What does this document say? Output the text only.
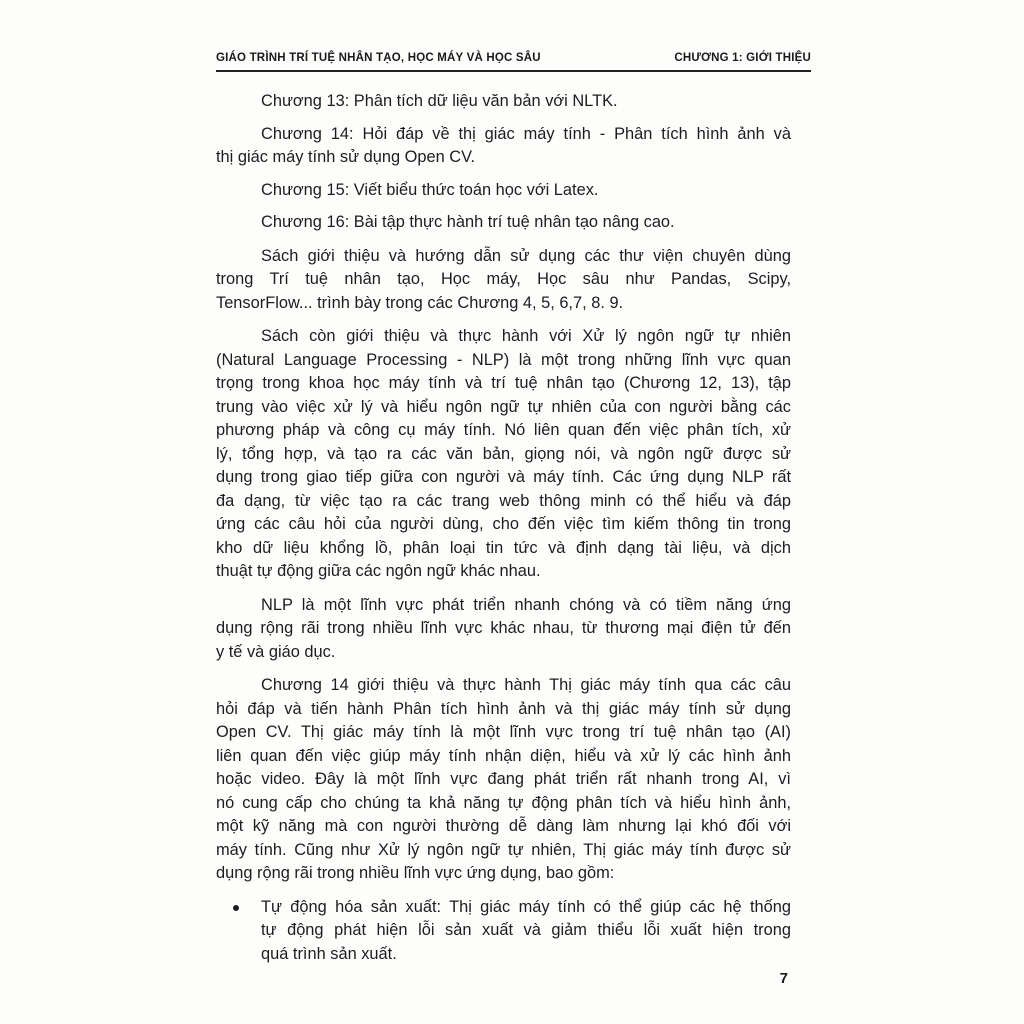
GIÁO TRÌNH TRÍ TUỆ NHÂN TẠO, HỌC MÁY VÀ HỌC SÂU	CHƯƠNG 1: GIỚI THIỆU
Chương 13: Phân tích dữ liệu văn bản với NLTK.
Chương 14: Hỏi đáp về thị giác máy tính - Phân tích hình ảnh và
thị giác máy tính sử dụng Open CV.
Chương 15: Viết biểu thức toán học với Latex.
Chương 16: Bài tập thực hành trí tuệ nhân tạo nâng cao.
Sách giới thiệu và hướng dẫn sử dụng các thư viện chuyên dùng
trong Trí tuệ nhân tạo, Học máy, Học sâu như Pandas, Scipy,
TensorFlow... trình bày trong các Chương 4, 5, 6,7, 8. 9.
Sách còn giới thiệu và thực hành với Xử lý ngôn ngữ tự nhiên
(Natural Language Processing - NLP) là một trong những lĩnh vực quan
trọng trong khoa học máy tính và trí tuệ nhân tạo (Chương 12, 13), tập
trung vào việc xử lý và hiểu ngôn ngữ tự nhiên của con người bằng các
phương pháp và công cụ máy tính. Nó liên quan đến việc phân tích, xử
lý, tổng hợp, và tạo ra các văn bản, giọng nói, và ngôn ngữ được sử
dụng trong giao tiếp giữa con người và máy tính. Các ứng dụng NLP rất
đa dạng, từ việc tạo ra các trang web thông minh có thể hiểu và đáp
ứng các câu hỏi của người dùng, cho đến việc tìm kiếm thông tin trong
kho dữ liệu khổng lồ, phân loại tin tức và định dạng tài liệu, và dịch
thuật tự động giữa các ngôn ngữ khác nhau.
NLP là một lĩnh vực phát triển nhanh chóng và có tiềm năng ứng
dụng rộng rãi trong nhiều lĩnh vực khác nhau, từ thương mại điện tử đến
y tế và giáo dục.
Chương 14 giới thiệu và thực hành Thị giác máy tính qua các câu
hỏi đáp và tiến hành Phân tích hình ảnh và thị giác máy tính sử dụng
Open CV. Thị giác máy tính là một lĩnh vực trong trí tuệ nhân tạo (AI)
liên quan đến việc giúp máy tính nhận diện, hiểu và xử lý các hình ảnh
hoặc video. Đây là một lĩnh vực đang phát triển rất nhanh trong AI, vì
nó cung cấp cho chúng ta khả năng tự động phân tích và hiểu hình ảnh,
một kỹ năng mà con người thường dễ dàng làm nhưng lại khó đối với
máy tính. Cũng như Xử lý ngôn ngữ tự nhiên, Thị giác máy tính được sử
dụng rộng rãi trong nhiều lĩnh vực ứng dụng, bao gồm:
Tự động hóa sản xuất: Thị giác máy tính có thể giúp các hệ thống
tự động phát hiện lỗi sản xuất và giảm thiểu lỗi xuất hiện trong
quá trình sản xuất.
7
